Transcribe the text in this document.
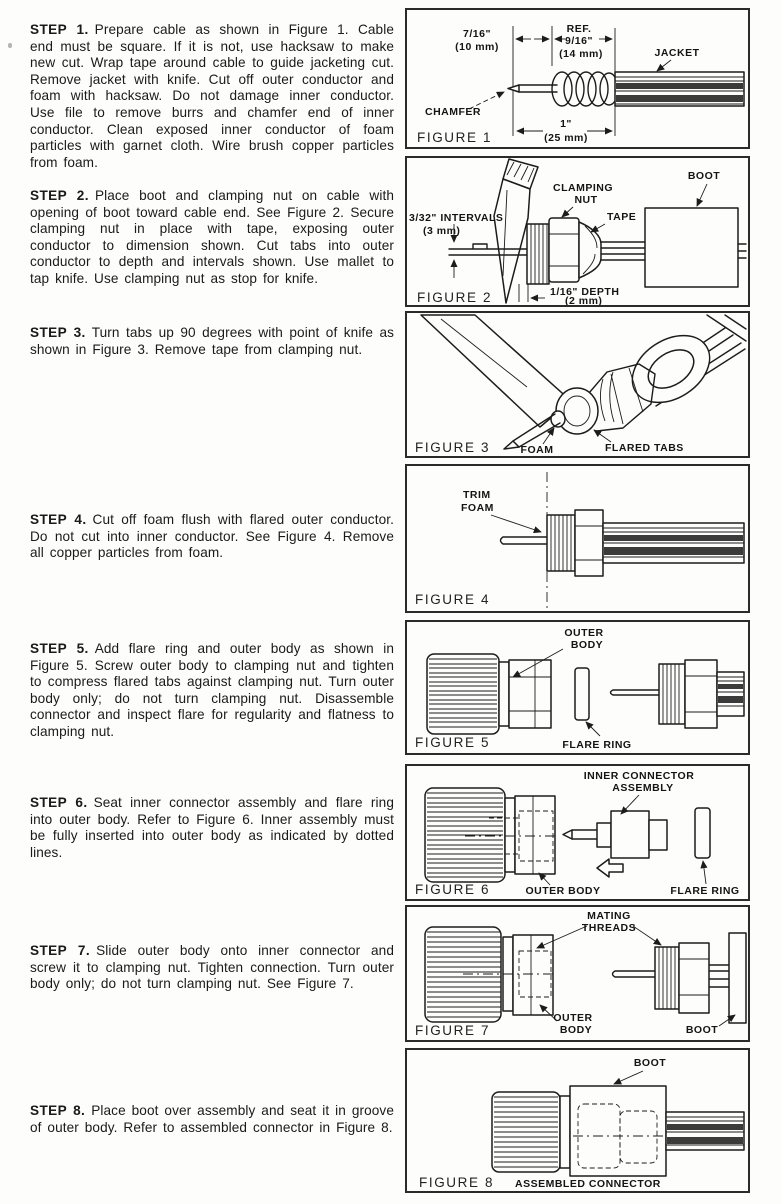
STEP 1. Prepare cable as shown in Figure 1. Cable end must be square. If it is not, use hacksaw to make new cut. Wrap tape around cable to guide jacketing cut. Remove jacket with knife. Cut off outer conductor and foam with hacksaw. Do not damage inner conductor. Use file to remove burrs and chamfer end of inner conductor. Clean exposed inner conductor of foam particles with garnet cloth. Wire brush copper particles from foam.

STEP 2. Place boot and clamping nut on cable with opening of boot toward cable end. See Figure 2. Secure clamping nut in place with tape, exposing outer conductor to dimension shown. Cut tabs into outer conductor to depth and intervals shown. Use mallet to tap knife. Use clamping nut as stop for knife.

STEP 3. Turn tabs up 90 degrees with point of knife as shown in Figure 3. Remove tape from clamping nut.

STEP 4. Cut off foam flush with flared outer conductor. Do not cut into inner conductor. See Figure 4. Remove all copper particles from foam.

STEP 5. Add flare ring and outer body as shown in Figure 5. Screw outer body to clamping nut and tighten to compress flared tabs against clamping nut. Turn outer body only; do not turn clamping nut. Disassemble connector and inspect flare for regularity and flatness to clamping nut.

STEP 6. Seat inner connector assembly and flare ring into outer body. Refer to Figure 6. Inner assembly must be fully inserted into outer body as indicated by dotted lines.

STEP 7. Slide outer body onto inner connector and screw it to clamping nut. Tighten connection. Turn outer body only; do not turn clamping nut. See Figure 7.

STEP 8. Place boot over assembly and seat it in groove of outer body. Refer to assembled connector in Figure 8.

7/16"
(10 mm)
REF.
9/16"
(14 mm)	JACKET
CHAMFER
1"
(25 mm)
FIGURE 1
CLAMPING
NUT
BOOT
3/32" INTERVALS
(3 mm)
TAPE
1/16" DEPTH
(2 mm)
FIGURE 2
FOAM	FLARED TABS
FIGURE 3
TRIM
FOAM
FIGURE 4
OUTER
BODY
FLARE RING
FIGURE 5
INNER CONNECTOR
ASSEMBLY
OUTER BODY	FLARE RING
FIGURE 6
MATING
THREADS
OUTER
BODY	BOOT
FIGURE 7
BOOT
ASSEMBLED CONNECTOR
FIGURE 8
